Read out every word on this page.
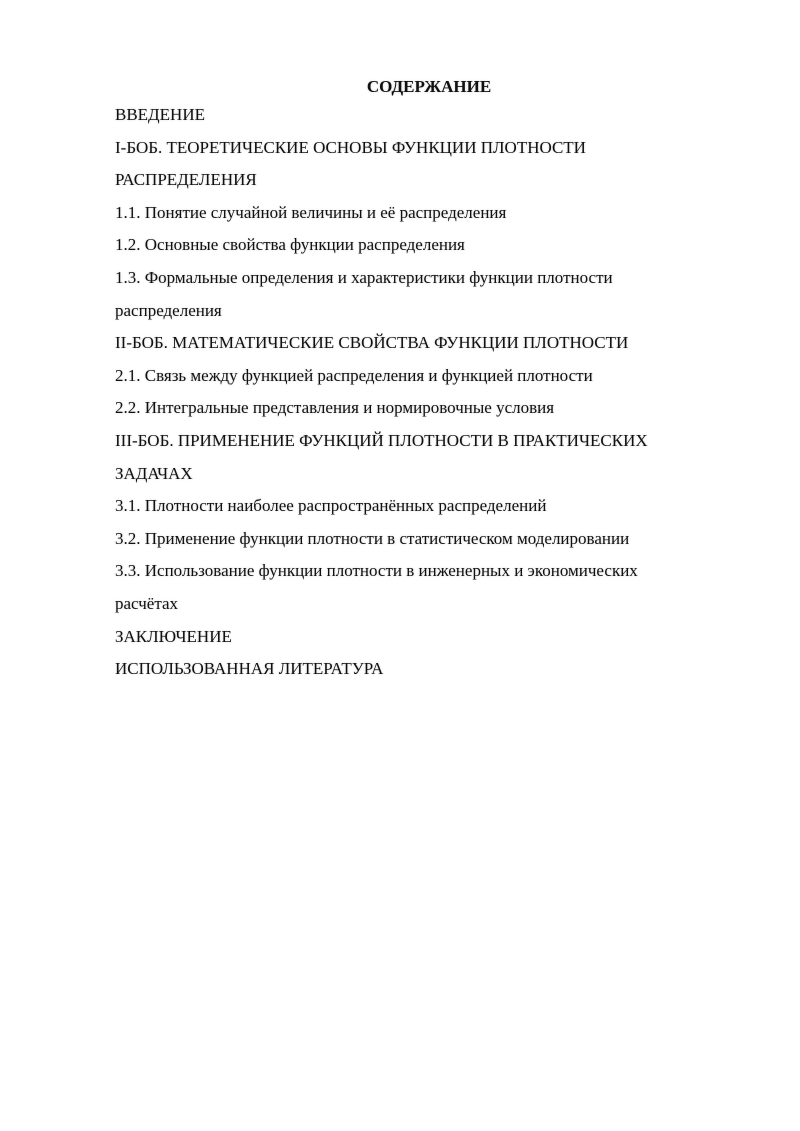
СОДЕРЖАНИЕ
ВВЕДЕНИЕ
I-БОБ. ТЕОРЕТИЧЕСКИЕ ОСНОВЫ ФУНКЦИИ ПЛОТНОСТИ
РАСПРЕДЕЛЕНИЯ
1.1. Понятие случайной величины и её распределения
1.2. Основные свойства функции распределения
1.3. Формальные определения и характеристики функции плотности
распределения
II-БОБ. МАТЕМАТИЧЕСКИЕ СВОЙСТВА ФУНКЦИИ ПЛОТНОСТИ
2.1. Связь между функцией распределения и функцией плотности
2.2. Интегральные представления и нормировочные условия
III-БОБ. ПРИМЕНЕНИЕ ФУНКЦИЙ ПЛОТНОСТИ В ПРАКТИЧЕСКИХ
ЗАДАЧАХ
3.1. Плотности наиболее распространённых распределений
3.2. Применение функции плотности в статистическом моделировании
3.3. Использование функции плотности в инженерных и экономических
расчётах
ЗАКЛЮЧЕНИЕ
ИСПОЛЬЗОВАННАЯ ЛИТЕРАТУРА
